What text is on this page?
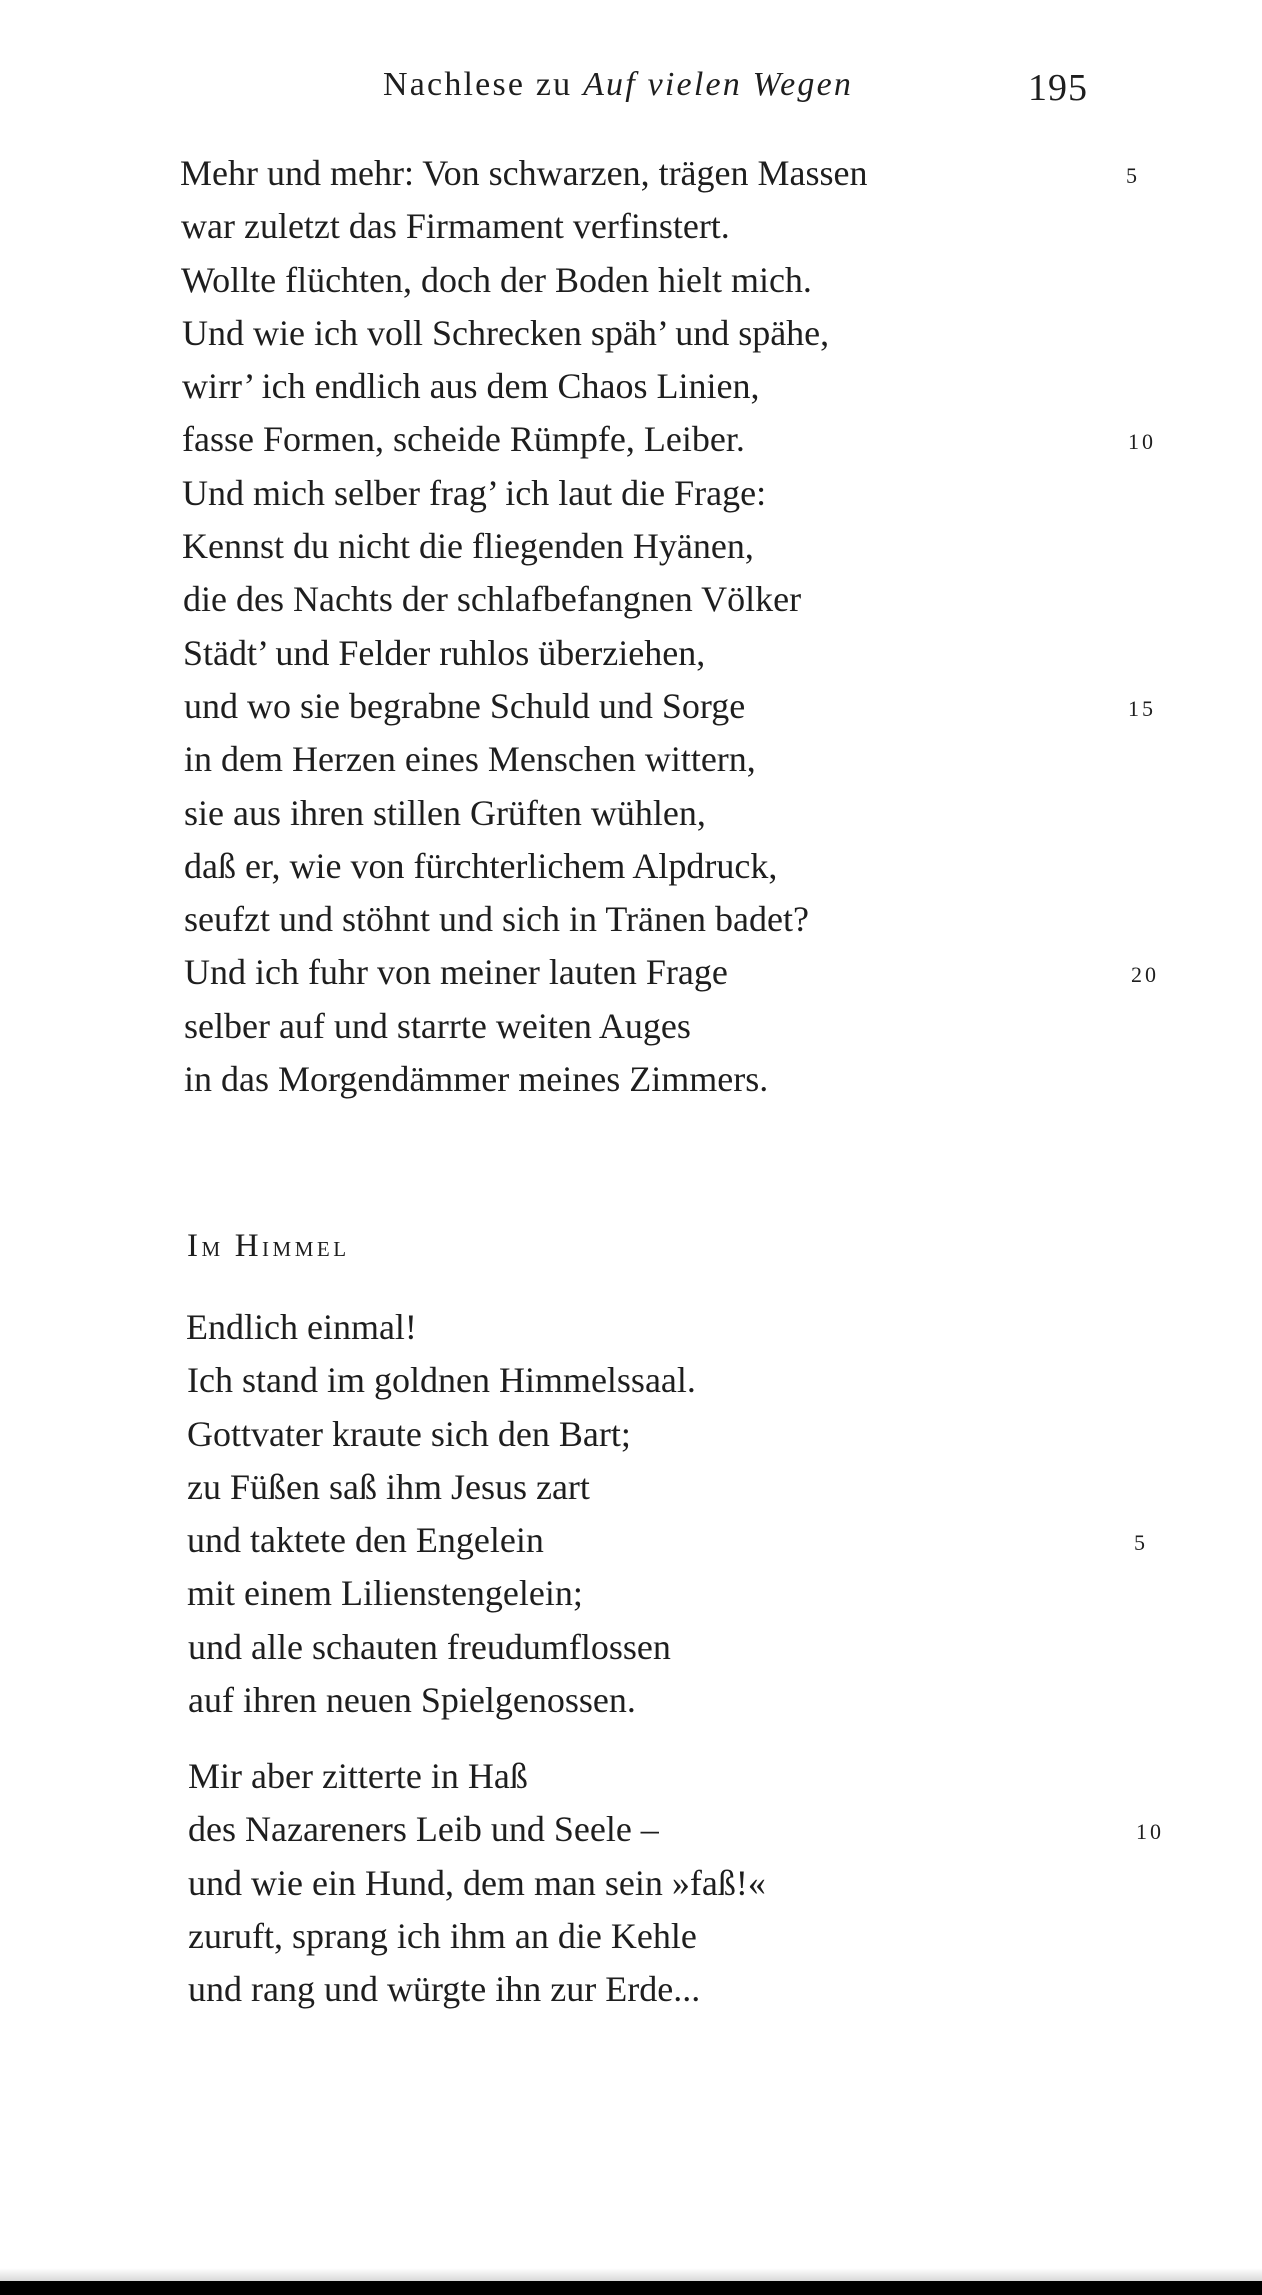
Nachlese zu Auf vielen Wegen	195
Mehr und mehr: Von schwarzen, trägen Massen	5
war zuletzt das Firmament verfinstert.
Wollte flüchten, doch der Boden hielt mich.
Und wie ich voll Schrecken späh’ und spähe,
wirr’ ich endlich aus dem Chaos Linien,
fasse Formen, scheide Rümpfe, Leiber.	10
Und mich selber frag’ ich laut die Frage:
Kennst du nicht die fliegenden Hyänen,
die des Nachts der schlafbefangnen Völker
Städt’ und Felder ruhlos überziehen,
und wo sie begrabne Schuld und Sorge	15
in dem Herzen eines Menschen wittern,
sie aus ihren stillen Grüften wühlen,
daß er, wie von fürchterlichem Alpdruck,
seufzt und stöhnt und sich in Tränen badet?
Und ich fuhr von meiner lauten Frage	20
selber auf und starrte weiten Auges
in das Morgendämmer meines Zimmers.
Im Himmel
Endlich einmal!
Ich stand im goldnen Himmelssaal.
Gottvater kraute sich den Bart;
zu Füßen saß ihm Jesus zart
und taktete den Engelein	5
mit einem Lilienstengelein;
und alle schauten freudumflossen
auf ihren neuen Spielgenossen.
Mir aber zitterte in Haß
des Nazareners Leib und Seele –	10
und wie ein Hund, dem man sein »faß!«
zuruft, sprang ich ihm an die Kehle
und rang und würgte ihn zur Erde...
